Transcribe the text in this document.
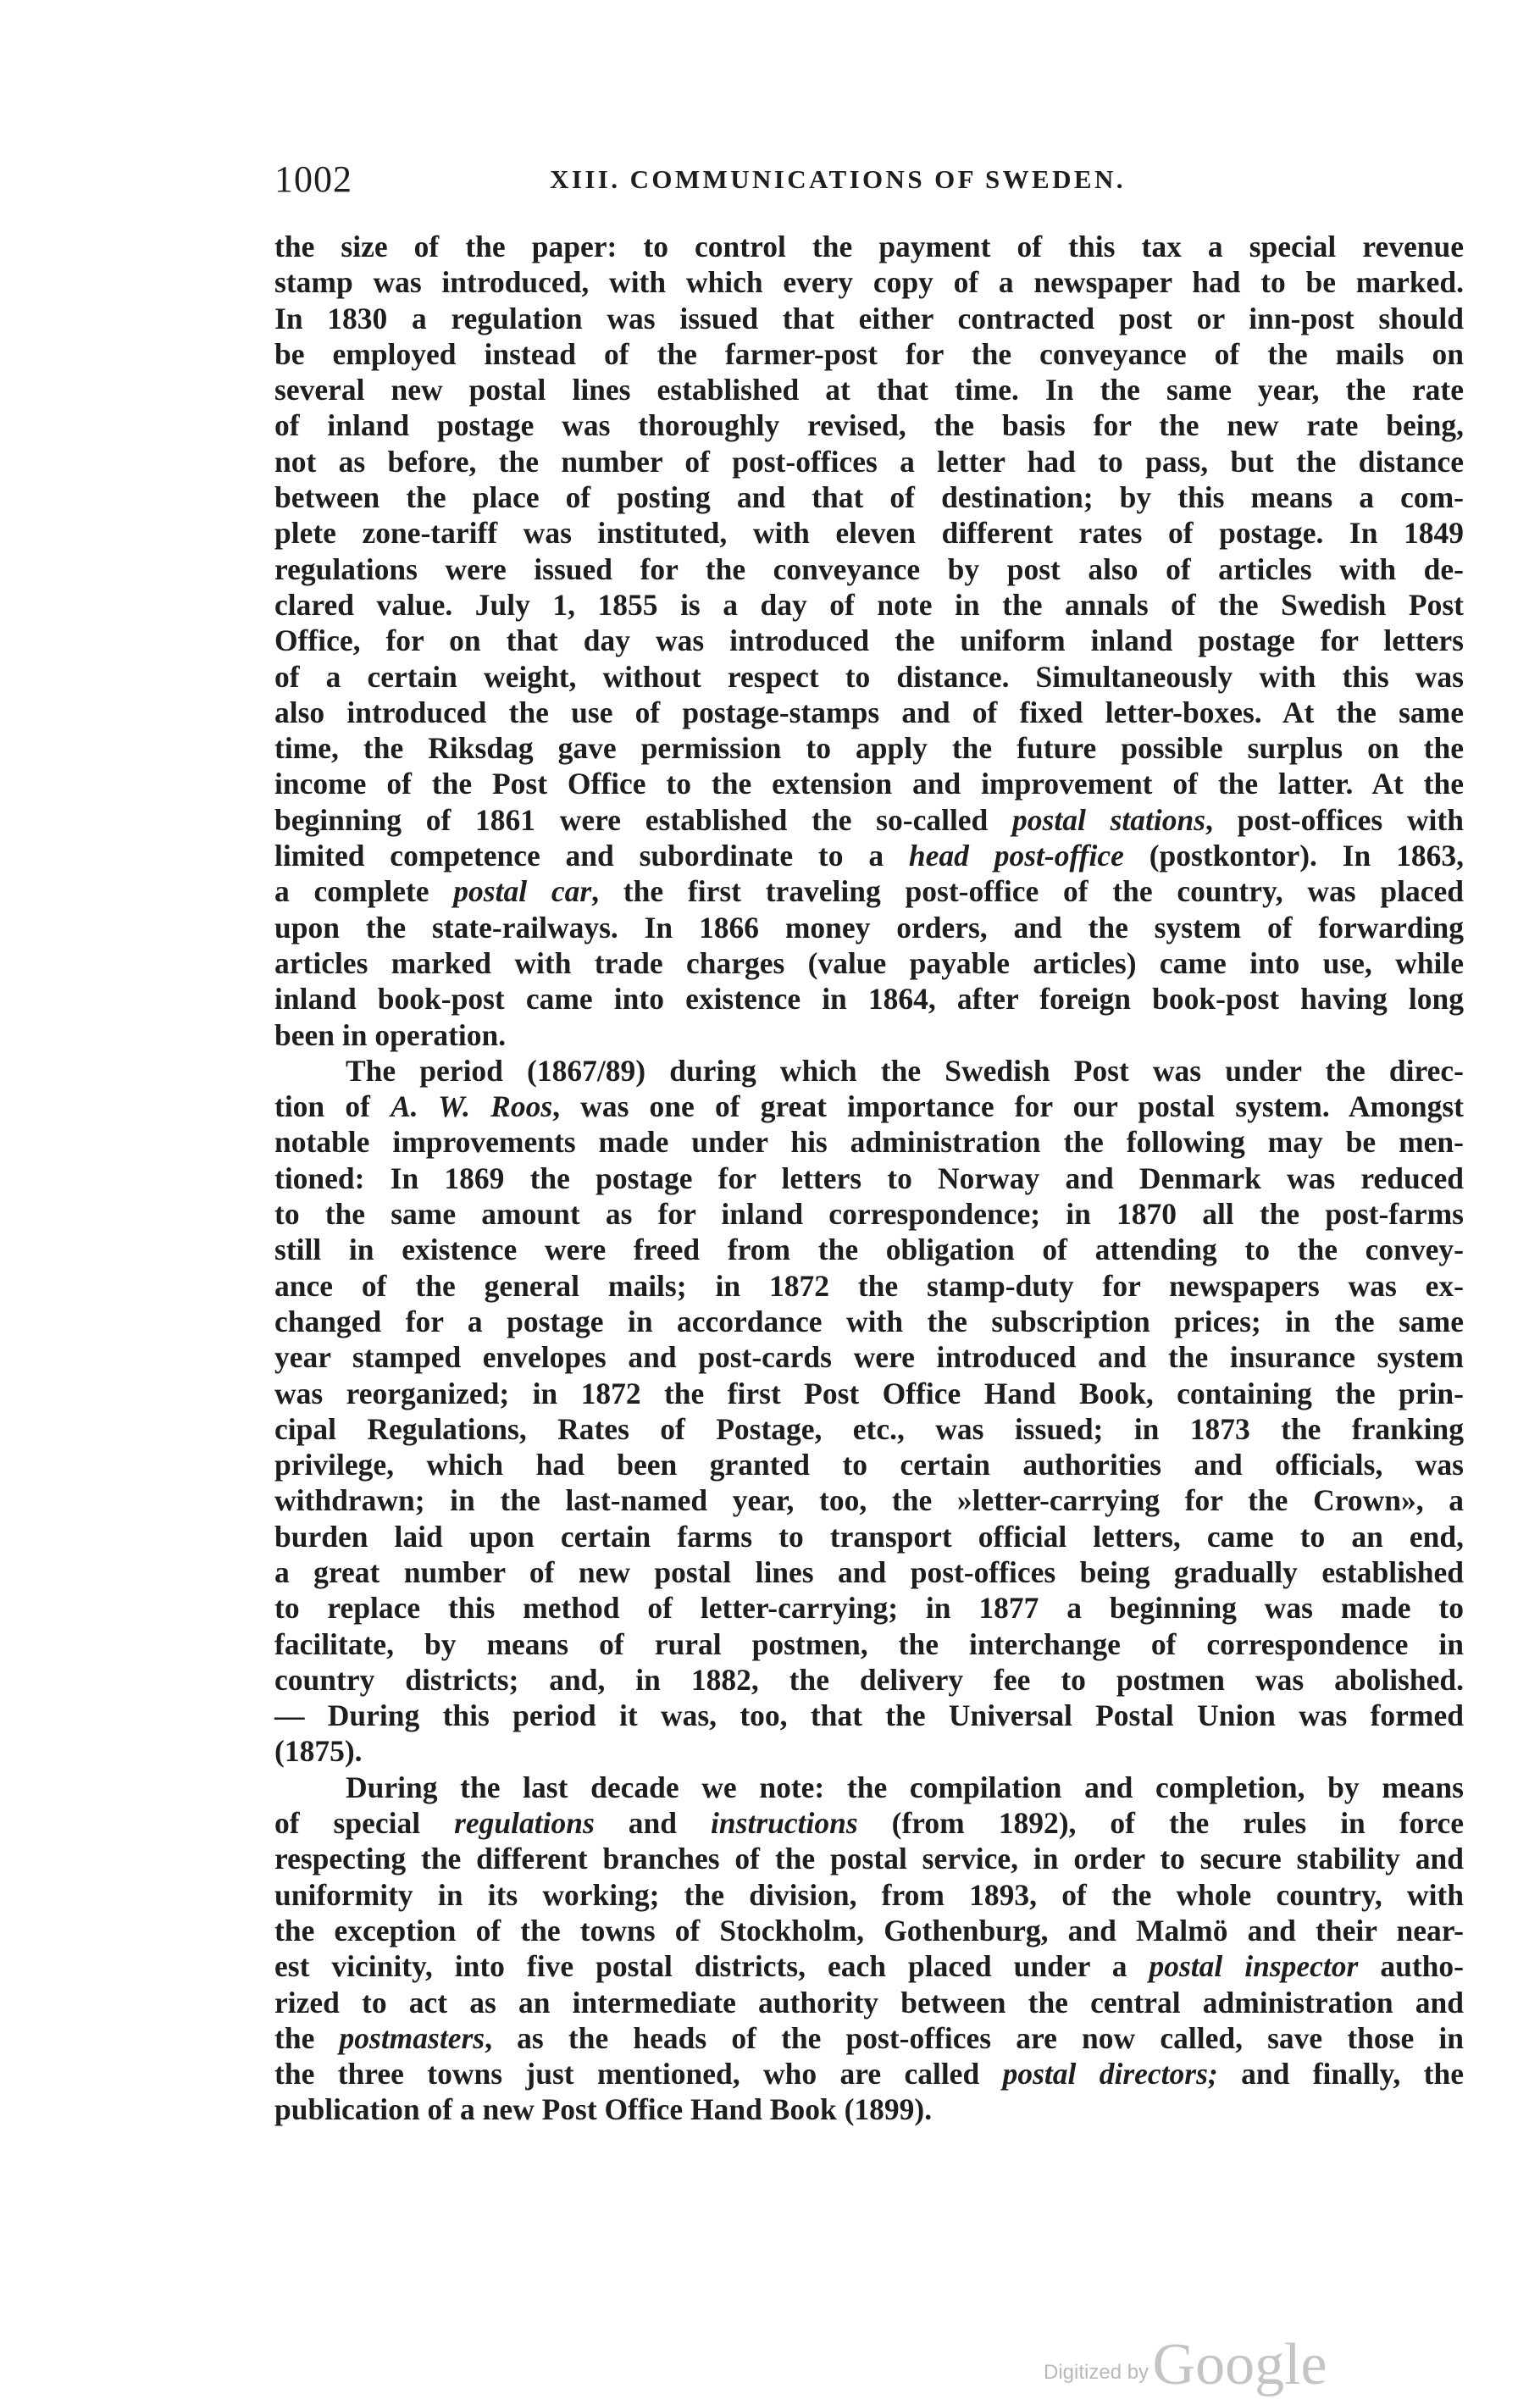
1002	XIII. COMMUNICATIONS OF SWEDEN.
the size of the paper: to control the payment of this tax a special revenue
stamp was introduced, with which every copy of a newspaper had to be marked.
In 1830 a regulation was issued that either contracted post or inn-post should
be employed instead of the farmer-post for the conveyance of the mails on
several new postal lines established at that time. In the same year, the rate
of inland postage was thoroughly revised, the basis for the new rate being,
not as before, the number of post-offices a letter had to pass, but the distance
between the place of posting and that of destination; by this means a com-
plete zone-tariff was instituted, with eleven different rates of postage. In 1849
regulations were issued for the conveyance by post also of articles with de-
clared value. July 1, 1855 is a day of note in the annals of the Swedish Post
Office, for on that day was introduced the uniform inland postage for letters
of a certain weight, without respect to distance. Simultaneously with this was
also introduced the use of postage-stamps and of fixed letter-boxes. At the same
time, the Riksdag gave permission to apply the future possible surplus on the
income of the Post Office to the extension and improvement of the latter. At the
beginning of 1861 were established the so-called postal stations, post-offices with
limited competence and subordinate to a head post-office (postkontor). In 1863,
a complete postal car, the first traveling post-office of the country, was placed
upon the state-railways. In 1866 money orders, and the system of forwarding
articles marked with trade charges (value payable articles) came into use, while
inland book-post came into existence in 1864, after foreign book-post having long
been in operation.
The period (1867/89) during which the Swedish Post was under the direc-
tion of A. W. Roos, was one of great importance for our postal system. Amongst
notable improvements made under his administration the following may be men-
tioned: In 1869 the postage for letters to Norway and Denmark was reduced
to the same amount as for inland correspondence; in 1870 all the post-farms
still in existence were freed from the obligation of attending to the convey-
ance of the general mails; in 1872 the stamp-duty for newspapers was ex-
changed for a postage in accordance with the subscription prices; in the same
year stamped envelopes and post-cards were introduced and the insurance system
was reorganized; in 1872 the first Post Office Hand Book, containing the prin-
cipal Regulations, Rates of Postage, etc., was issued; in 1873 the franking
privilege, which had been granted to certain authorities and officials, was
withdrawn; in the last-named year, too, the »letter-carrying for the Crown», a
burden laid upon certain farms to transport official letters, came to an end,
a great number of new postal lines and post-offices being gradually established
to replace this method of letter-carrying; in 1877 a beginning was made to
facilitate, by means of rural postmen, the interchange of correspondence in
country districts; and, in 1882, the delivery fee to postmen was abolished.
— During this period it was, too, that the Universal Postal Union was formed
(1875).
During the last decade we note: the compilation and completion, by means
of special regulations and instructions (from 1892), of the rules in force
respecting the different branches of the postal service, in order to secure stability and
uniformity in its working; the division, from 1893, of the whole country, with
the exception of the towns of Stockholm, Gothenburg, and Malmö and their near-
est vicinity, into five postal districts, each placed under a postal inspector autho-
rized to act as an intermediate authority between the central administration and
the postmasters, as the heads of the post-offices are now called, save those in
the three towns just mentioned, who are called postal directors; and finally, the
publication of a new Post Office Hand Book (1899).
Digitized by Google
